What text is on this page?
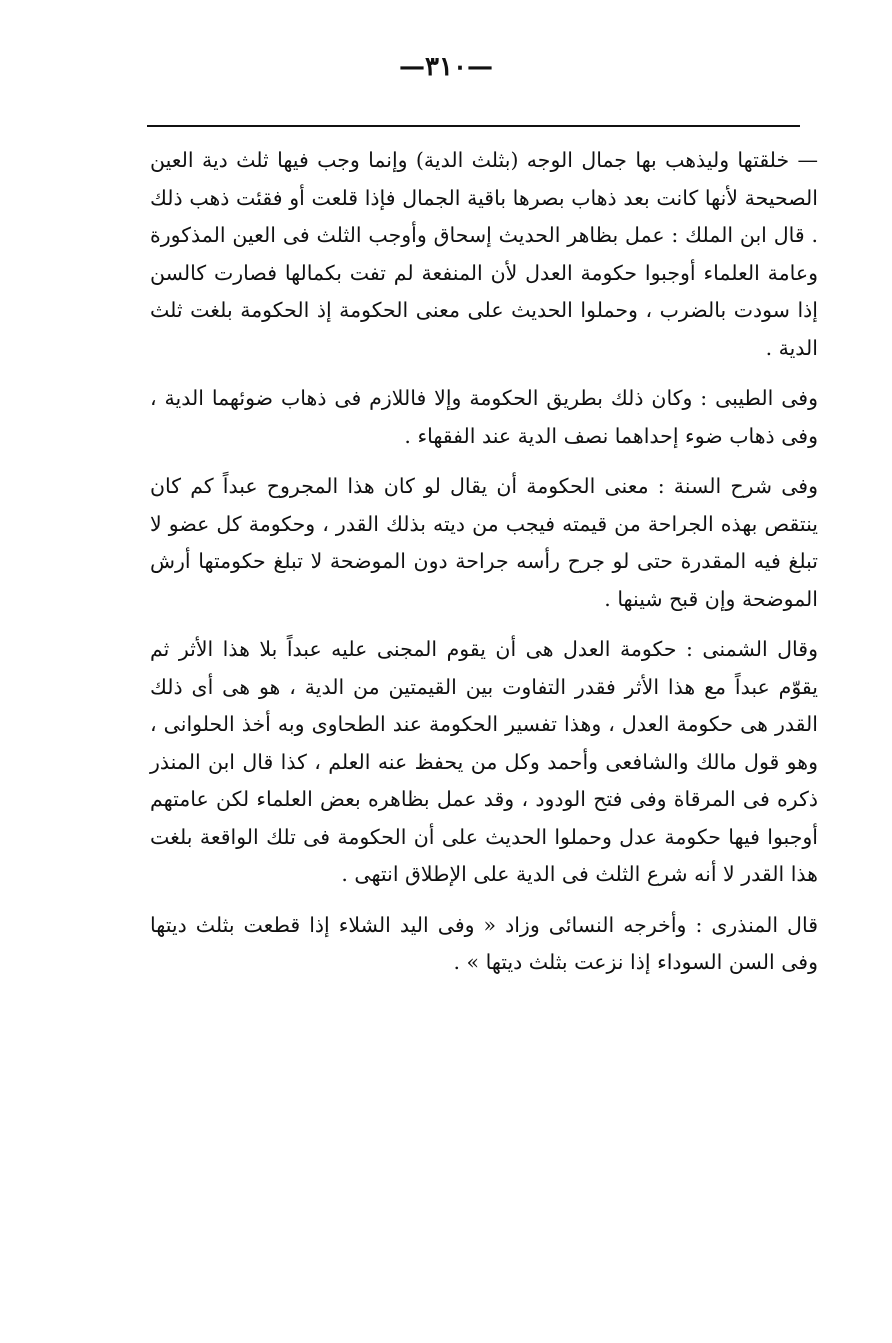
—٣١٠—

— خلقتها وليذهب بها جمال الوجه (بثلث الدية) وإنما وجب فيها ثلث دية العين الصحيحة لأنها كانت بعد ذهاب بصرها باقية الجمال فإذا قلعت أو فقئت ذهب ذلك . قال ابن الملك : عمل بظاهر الحديث إسحاق وأوجب الثلث فى العين المذكورة وعامة العلماء أوجبوا حكومة العدل لأن المنفعة لم تفت بكمالها فصارت كالسن إذا سودت بالضرب ، وحملوا الحديث على معنى الحكومة إذ الحكومة بلغت ثلث الدية .

وفى الطيبى : وكان ذلك بطريق الحكومة وإلا فاللازم فى ذهاب ضوئهما الدية ، وفى ذهاب ضوء إحداهما نصف الدية عند الفقهاء .

وفى شرح السنة : معنى الحكومة أن يقال لو كان هذا المجروح عبداً كم كان ينتقص بهذه الجراحة من قيمته فيجب من ديته بذلك القدر ، وحكومة كل عضو لا تبلغ فيه المقدرة حتى لو جرح رأسه جراحة دون الموضحة لا تبلغ حكومتها أرش الموضحة وإن قبح شينها .

وقال الشمنى : حكومة العدل هى أن يقوم المجنى عليه عبداً بلا هذا الأثر ثم يقوّم عبداً مع هذا الأثر فقدر التفاوت بين القيمتين من الدية ، هو هى أى ذلك القدر هى حكومة العدل ، وهذا تفسير الحكومة عند الطحاوى وبه أخذ الحلوانى ، وهو قول مالك والشافعى وأحمد وكل من يحفظ عنه العلم ، كذا قال ابن المنذر ذكره فى المرقاة وفى فتح الودود ، وقد عمل بظاهره بعض العلماء لكن عامتهم أوجبوا فيها حكومة عدل وحملوا الحديث على أن الحكومة فى تلك الواقعة بلغت هذا القدر لا أنه شرع الثلث فى الدية على الإطلاق انتهى .

قال المنذرى : وأخرجه النسائى وزاد « وفى اليد الشلاء إذا قطعت بثلث ديتها وفى السن السوداء إذا نزعت بثلث ديتها » .
